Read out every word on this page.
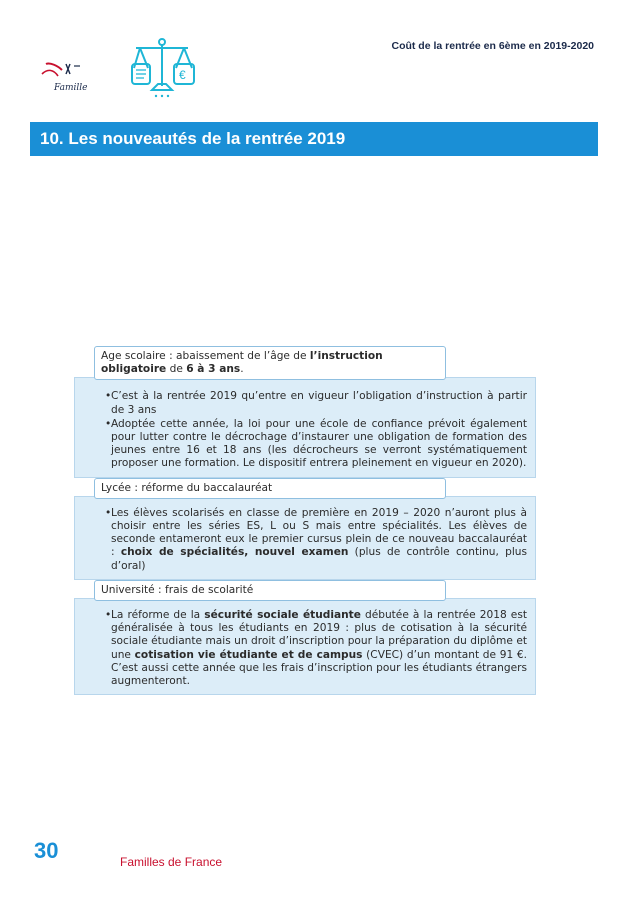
Coût de la rentrée en 6ème en 2019-2020
Famille
€
10. Les nouveautés de la rentrée 2019
Age scolaire : abaissement de l’âge de l’instruction obligatoire de 6 à 3 ans.

• C’est à la rentrée 2019 qu’entre en vigueur l’obligation d’instruction à partir de 3 ans

• Adoptée cette année, la loi pour une école de confiance prévoit également pour lutter contre le décrochage d’instaurer une obligation de formation des jeunes entre 16 et 18 ans (les décrocheurs se verront systématiquement proposer une formation. Le dispositif entrera pleinement en vigueur en 2020).

Lycée : réforme du baccalauréat

• Les élèves scolarisés en classe de première en 2019 – 2020 n’auront plus à choisir entre les séries ES, L ou S mais entre spécialités. Les élèves de seconde entameront eux le premier cursus plein de ce nouveau baccalauréat : choix de spécialités, nouvel examen (plus de contrôle continu, plus d’oral)

Université : frais de scolarité

• La réforme de la sécurité sociale étudiante débutée à la rentrée 2018 est généralisée à tous les étudiants en 2019 : plus de cotisation à la sécurité sociale étudiante mais un droit d’inscription pour la préparation du diplôme et une cotisation vie étudiante et de campus (CVEC) d’un montant de 91 €. C’est aussi cette année que les frais d’inscription pour les étudiants étrangers augmenteront.

30	Familles de France
